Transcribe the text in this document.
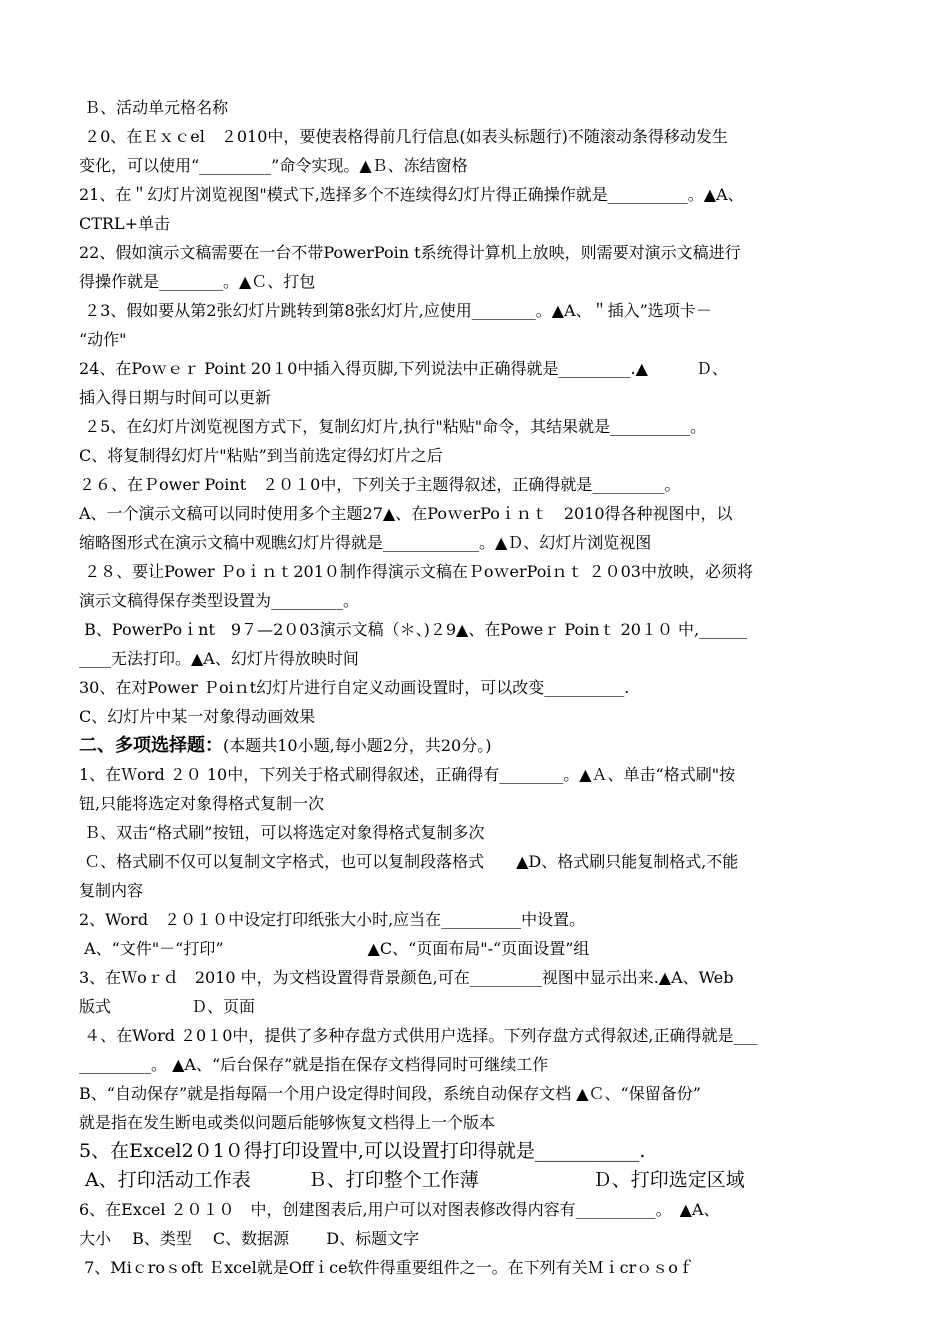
Ｂ、活动单元格名称
２0、在Ｅｘｃel　２010中，要使表格得前几行信息(如表头标题行)不随滚动条得移动发生
变化，可以使用“_________”命令实现。▲Ｂ、冻结窗格
21、在＂幻灯片浏览视图"模式下,选择多个不连续得幻灯片得正确操作就是__________。▲A、
CTRL+单击
22、假如演示文稿需要在一台不带PowerPoin t系统得计算机上放映，则需要对演示文稿进行
得操作就是________。▲Ｃ、打包
２3、假如要从第2张幻灯片跳转到第8张幻灯片,应使用________。▲A、＂插入”选项卡－
“动作"
24、在Poｗｅｒ Point 20１0中插入得页脚,下列说法中正确得就是_________.▲　　　Ｄ、
插入得日期与时间可以更新
２5、在幻灯片浏览视图方式下，复制幻灯片,执行"粘贴"命令，其结果就是__________。
C、将复制得幻灯片"粘贴”到当前选定得幻灯片之后
２６、在Ｐower Point　２０１0中，下列关于主题得叙述，正确得就是_________。
A、一个演示文稿可以同时使用多个主题27▲、在PoｗerPoｉｎｔ　2010得各种视图中，以
缩略图形式在演示文稿中观瞧幻灯片得就是____________。▲Ｄ、幻灯片浏览视图
２８、要让Power Ｐoｉｎｔ201０制作得演示文稿在ＰoｗerPoiｎｔ ２０03中放映，必须将
演示文稿得保存类型设置为_________。
B、PowerPoｉnt　9７—2０03演示文稿（＊、)２9▲、在Poweｒ Poinｔ 20１０ 中,______
____无法打印。▲A、幻灯片得放映时间
30、在对Power Ｐoiｎt幻灯片进行自定义动画设置时，可以改变__________.
C、幻灯片中某一对象得动画效果
二、多项选择题：(本题共10小题,每小题2分，共20分。)
1、在Ｗord ２０ 10中，下列关于格式刷得叙述，正确得有________。▲Ａ、单击“格式刷"按
钮,只能将选定对象得格式复制一次
Ｂ、双击“格式刷”按钮，可以将选定对象得格式复制多次
Ｃ、格式刷不仅可以复制文字格式，也可以复制段落格式　　▲D、格式刷只能复制格式,不能
复制内容
2、Word　２０１０中设定打印纸张大小时,应当在__________中设置。
A、“文件"－“打印”　　　　　　　　　▲C、“页面布局"-“页面设置”组
3、在Ｗoｒｄ　2010 中，为文档设置得背景颜色,可在_________视图中显示出来.▲A、Web
版式　　　　　Ｄ、页面
４、在Word ２0１0中，提供了多种存盘方式供用户选择。下列存盘方式得叙述,正确得就是___
_________。 ▲A、“后台保存”就是指在保存文档得同时可继续工作
B、“自动保存”就是指每隔一个用户设定得时间段，系统自动保存文档 ▲Ｃ、“保留备份”
就是指在发生断电或类似问题后能够恢复文档得上一个版本
5、在Excel2０1０得打印设置中,可以设置打印得就是___________.
A、打印活动工作表　　　Ｂ、打印整个工作薄　　　　　　Ｄ、打印选定区域
6、在Excel ２０１０　中，创建图表后,用户可以对图表修改得内容有__________。　▲A、
大小　 B、类型　 C、数据源　　 D、标题文字
7、Miｃroｓoft Ｅxcel就是Offｉce软件得重要组件之一。在下列有关Ｍｉcrｏｓoｆ
